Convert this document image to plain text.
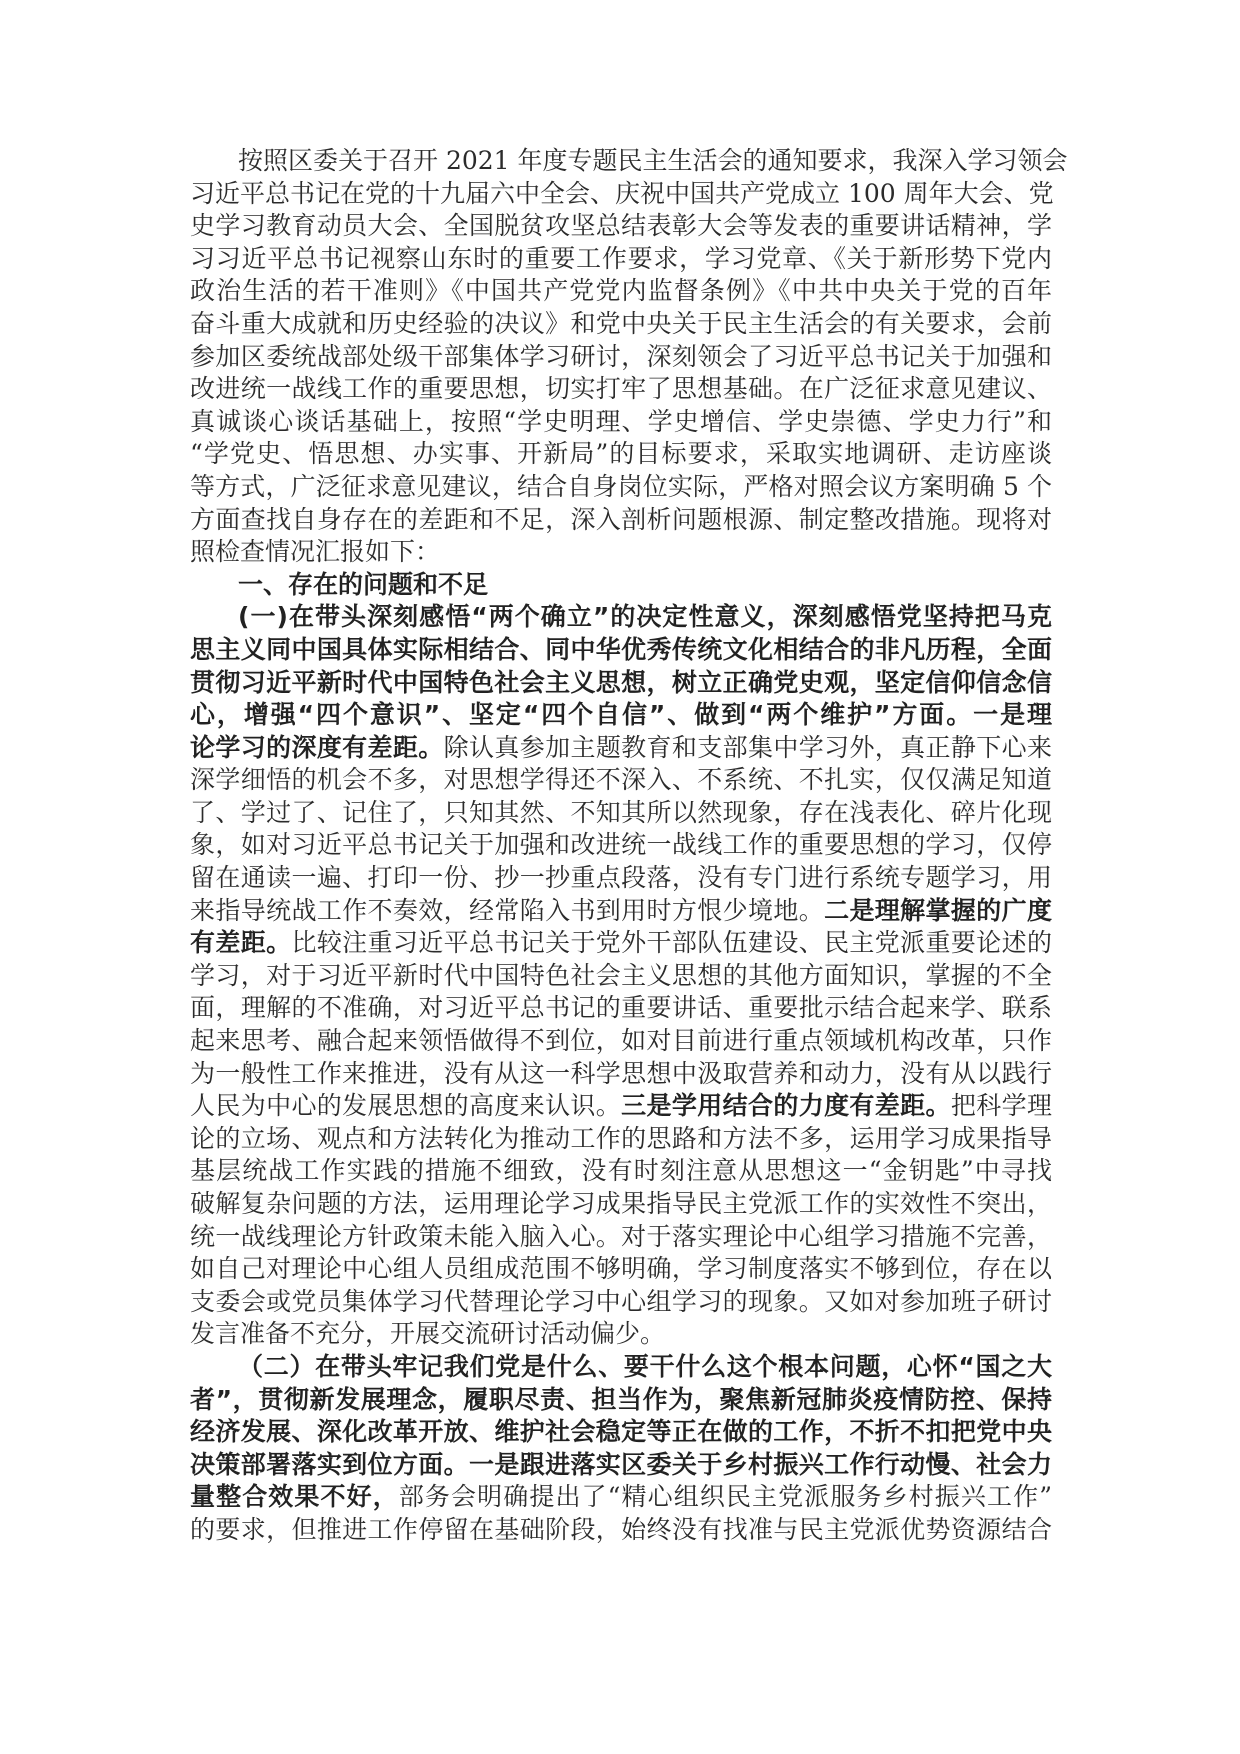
按照区委关于召开 2021 年度专题民主生活会的通知要求，我深入学习领会
习近平总书记在党的十九届六中全会、庆祝中国共产党成立 100 周年大会、党
史学习教育动员大会、全国脱贫攻坚总结表彰大会等发表的重要讲话精神，学
习习近平总书记视察山东时的重要工作要求，学习党章、《关于新形势下党内
政治生活的若干准则》《中国共产党党内监督条例》《中共中央关于党的百年
奋斗重大成就和历史经验的决议》和党中央关于民主生活会的有关要求，会前
参加区委统战部处级干部集体学习研讨，深刻领会了习近平总书记关于加强和
改进统一战线工作的重要思想，切实打牢了思想基础。在广泛征求意见建议、
真诚谈心谈话基础上，按照“学史明理、学史增信、学史崇德、学史力行”和
“学党史、悟思想、办实事、开新局”的目标要求，采取实地调研、走访座谈
等方式，广泛征求意见建议，结合自身岗位实际，严格对照会议方案明确 5 个
方面查找自身存在的差距和不足，深入剖析问题根源、制定整改措施。现将对
照检查情况汇报如下：
一、存在的问题和不足
(一)在带头深刻感悟“两个确立”的决定性意义，深刻感悟党坚持把马克
思主义同中国具体实际相结合、同中华优秀传统文化相结合的非凡历程，全面
贯彻习近平新时代中国特色社会主义思想，树立正确党史观，坚定信仰信念信
心，增强“四个意识”、坚定“四个自信”、做到“两个维护”方面。一是理
论学习的深度有差距。除认真参加主题教育和支部集中学习外，真正静下心来
深学细悟的机会不多，对思想学得还不深入、不系统、不扎实，仅仅满足知道
了、学过了、记住了，只知其然、不知其所以然现象，存在浅表化、碎片化现
象，如对习近平总书记关于加强和改进统一战线工作的重要思想的学习，仅停
留在通读一遍、打印一份、抄一抄重点段落，没有专门进行系统专题学习，用
来指导统战工作不奏效，经常陷入书到用时方恨少境地。二是理解掌握的广度
有差距。比较注重习近平总书记关于党外干部队伍建设、民主党派重要论述的
学习，对于习近平新时代中国特色社会主义思想的其他方面知识，掌握的不全
面，理解的不准确，对习近平总书记的重要讲话、重要批示结合起来学、联系
起来思考、融合起来领悟做得不到位，如对目前进行重点领域机构改革，只作
为一般性工作来推进，没有从这一科学思想中汲取营养和动力，没有从以践行
人民为中心的发展思想的高度来认识。三是学用结合的力度有差距。把科学理
论的立场、观点和方法转化为推动工作的思路和方法不多，运用学习成果指导
基层统战工作实践的措施不细致，没有时刻注意从思想这一“金钥匙”中寻找
破解复杂问题的方法，运用理论学习成果指导民主党派工作的实效性不突出，
统一战线理论方针政策未能入脑入心。对于落实理论中心组学习措施不完善，
如自己对理论中心组人员组成范围不够明确，学习制度落实不够到位，存在以
支委会或党员集体学习代替理论学习中心组学习的现象。又如对参加班子研讨
发言准备不充分，开展交流研讨活动偏少。
（二）在带头牢记我们党是什么、要干什么这个根本问题，心怀“国之大
者”，贯彻新发展理念，履职尽责、担当作为，聚焦新冠肺炎疫情防控、保持
经济发展、深化改革开放、维护社会稳定等正在做的工作，不折不扣把党中央
决策部署落实到位方面。一是跟进落实区委关于乡村振兴工作行动慢、社会力
量整合效果不好，部务会明确提出了“精心组织民主党派服务乡村振兴工作”
的要求，但推进工作停留在基础阶段，始终没有找准与民主党派优势资源结合
